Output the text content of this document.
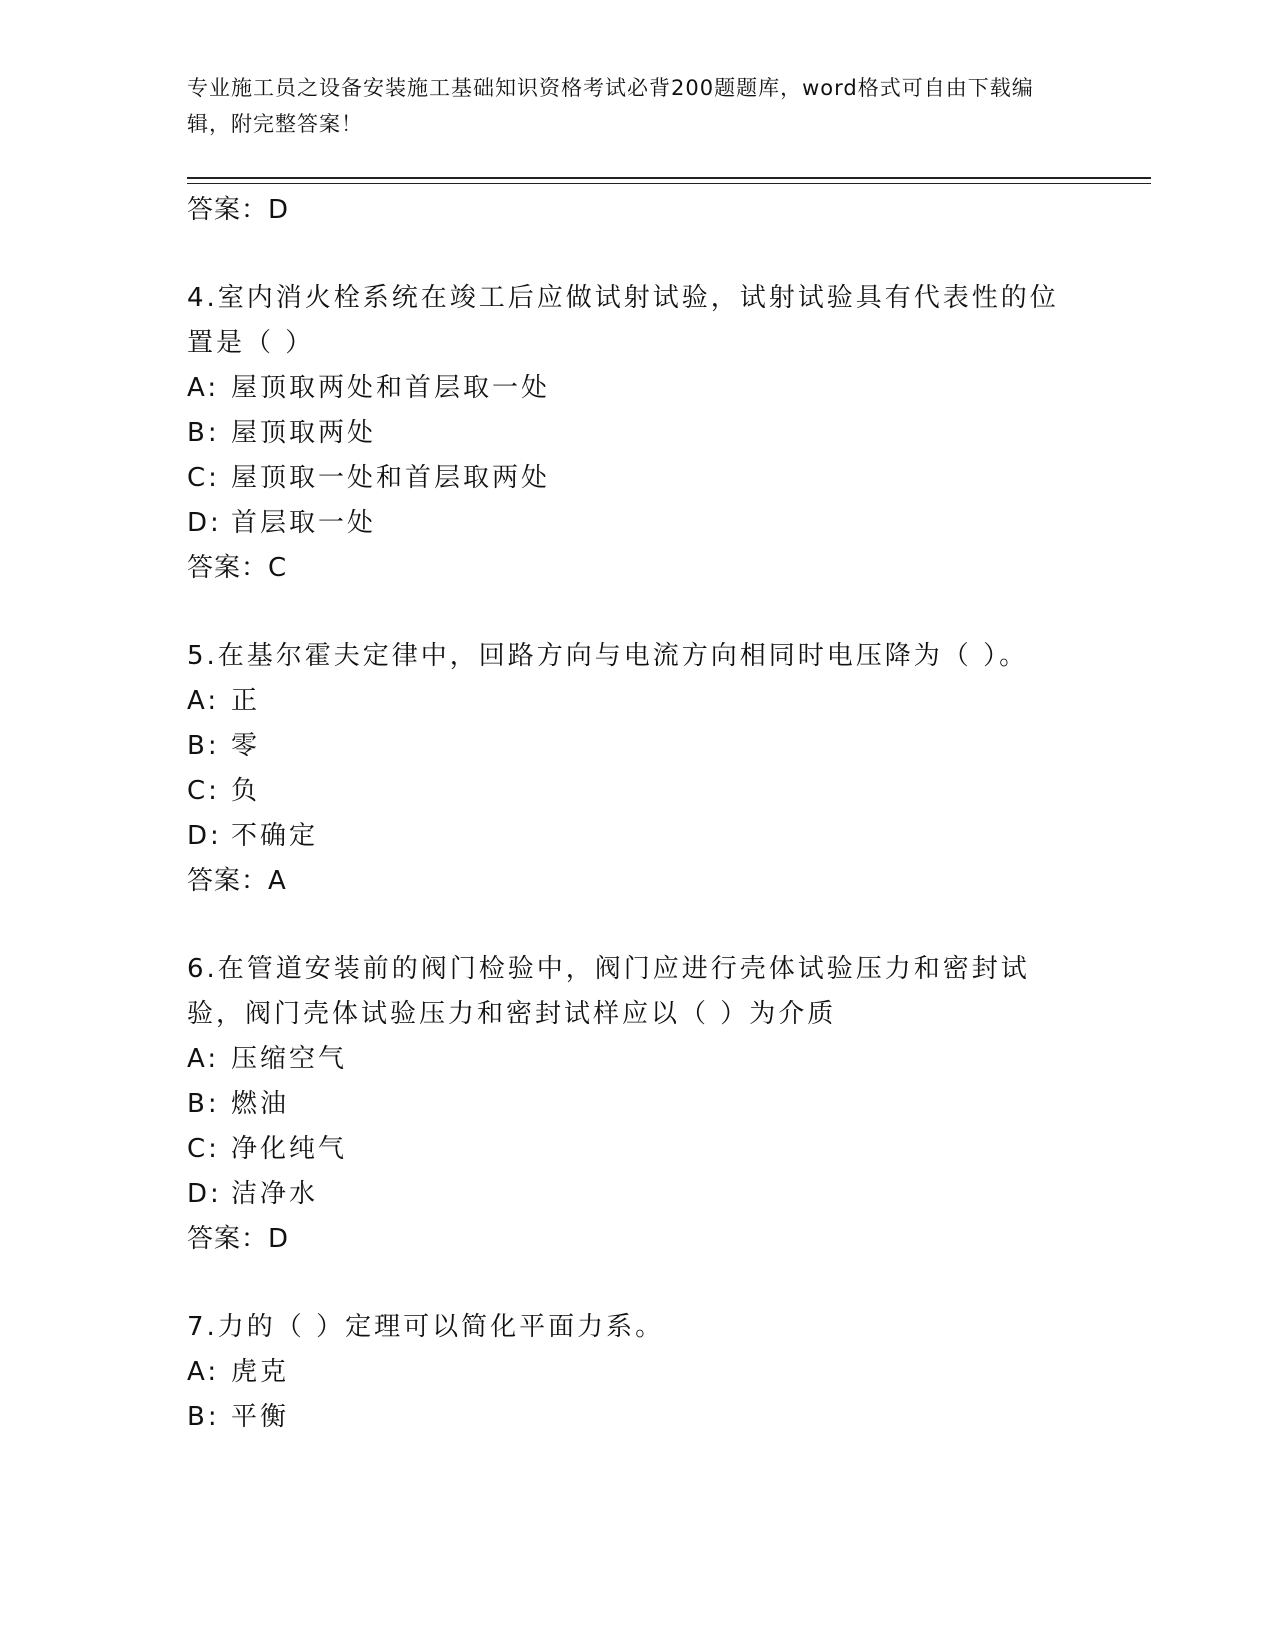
专业施工员之设备安装施工基础知识资格考试必背200题题库，word格式可自由下载编辑，附完整答案！
答案：D
4.室内消火栓系统在竣工后应做试射试验，试射试验具有代表性的位置是（ ）
A: 屋顶取两处和首层取一处
B: 屋顶取两处
C: 屋顶取一处和首层取两处
D: 首层取一处
答案：C
5.在基尔霍夫定律中，回路方向与电流方向相同时电压降为（ ）。
A: 正
B: 零
C: 负
D: 不确定
答案：A
6.在管道安装前的阀门检验中，阀门应进行壳体试验压力和密封试验，阀门壳体试验压力和密封试样应以（ ）为介质
A: 压缩空气
B: 燃油
C: 净化纯气
D: 洁净水
答案：D
7.力的（ ）定理可以简化平面力系。
A: 虎克
B: 平衡
